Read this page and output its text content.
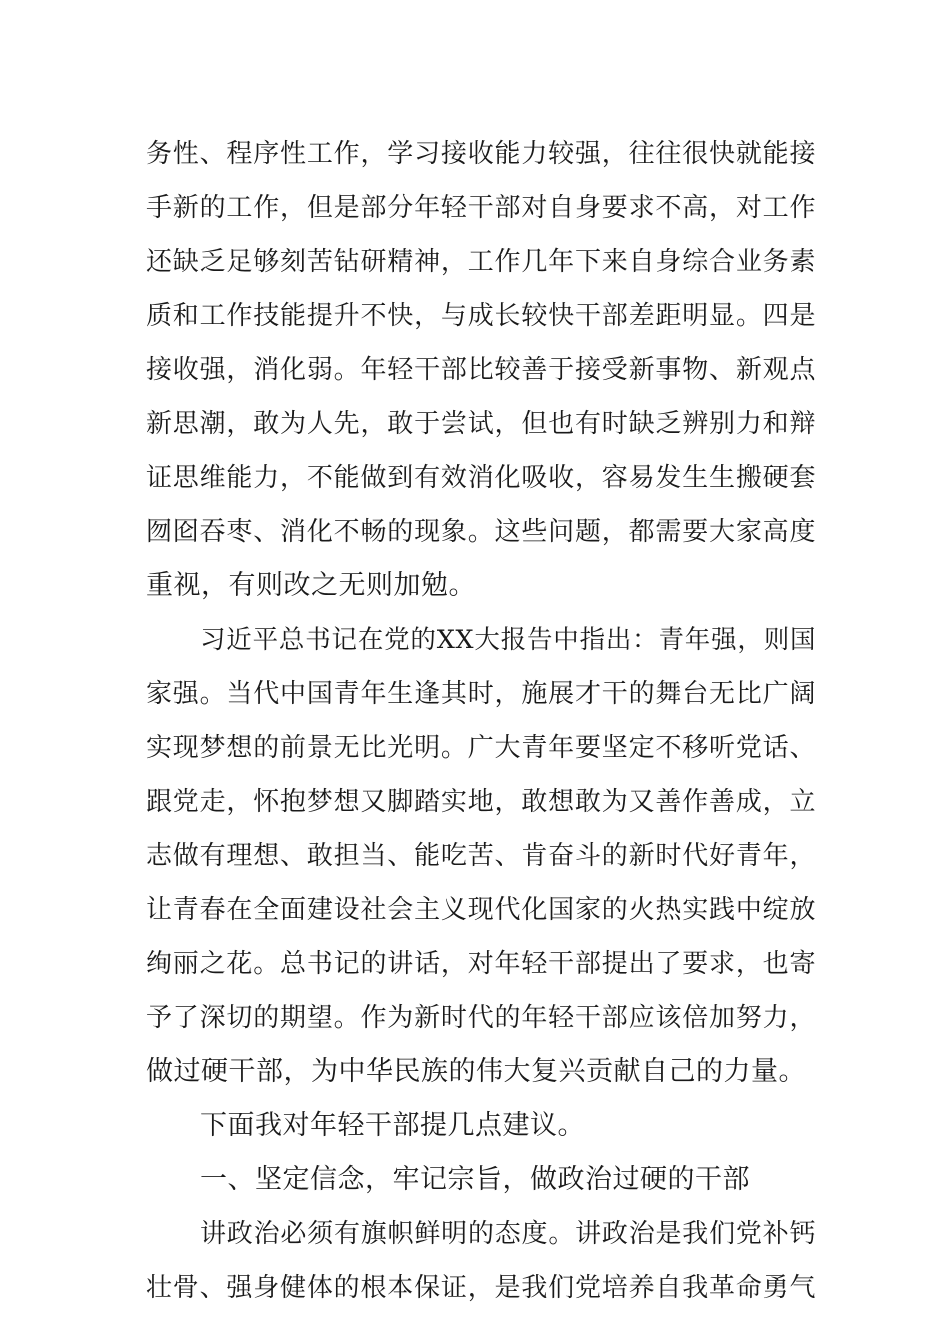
务性、程序性工作，学习接收能力较强，往往很快就能接
手新的工作，但是部分年轻干部对自身要求不高，对工作
还缺乏足够刻苦钻研精神，工作几年下来自身综合业务素
质和工作技能提升不快，与成长较快干部差距明显。四是
接收强，消化弱。年轻干部比较善于接受新事物、新观点
新思潮，敢为人先，敢于尝试，但也有时缺乏辨别力和辩
证思维能力，不能做到有效消化吸收，容易发生生搬硬套
囫囵吞枣、消化不畅的现象。这些问题，都需要大家高度
重视，有则改之无则加勉。
习近平总书记在党的XX大报告中指出：青年强，则国
家强。当代中国青年生逢其时，施展才干的舞台无比广阔
实现梦想的前景无比光明。广大青年要坚定不移听党话、
跟党走，怀抱梦想又脚踏实地，敢想敢为又善作善成，立
志做有理想、敢担当、能吃苦、肯奋斗的新时代好青年，
让青春在全面建设社会主义现代化国家的火热实践中绽放
绚丽之花。总书记的讲话，对年轻干部提出了要求，也寄
予了深切的期望。作为新时代的年轻干部应该倍加努力，
做过硬干部，为中华民族的伟大复兴贡献自己的力量。
下面我对年轻干部提几点建议。
一、坚定信念，牢记宗旨，做政治过硬的干部
讲政治必须有旗帜鲜明的态度。讲政治是我们党补钙
壮骨、强身健体的根本保证，是我们党培养自我革命勇气
